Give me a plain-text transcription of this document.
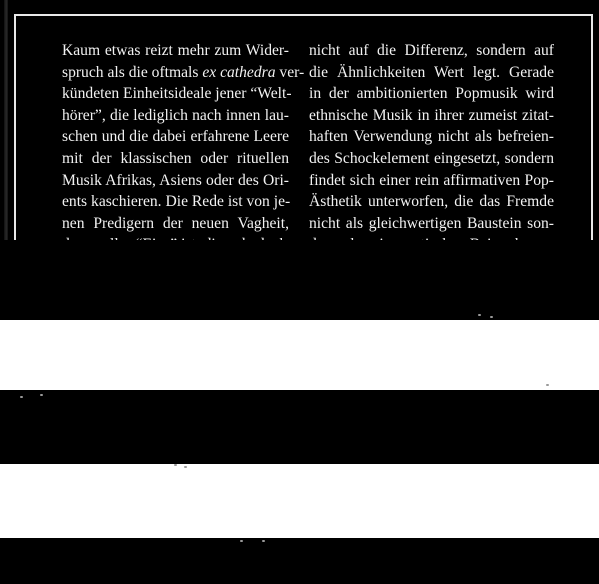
Kaum etwas reizt mehr zum Wider-
spruch als die oftmals ex cathedra ver-
kündeten Einheitsideale jener “Welt-
hörer”, die lediglich nach innen lau-
schen und die dabei erfahrene Leere
mit der klassischen oder rituellen
Musik Afrikas, Asiens oder des Ori-
ents kaschieren. Die Rede ist von je-
nen Predigern der neuen Vagheit,
nicht auf die Differenz, sondern auf
die Ähnlichkeiten Wert legt. Gerade
in der ambitionierten Popmusik wird
ethnische Musik in ihrer zumeist zitat-
haften Verwendung nicht als befreien-
des Schockelement eingesetzt, sondern
findet sich einer rein affirmativen Pop-
Ästhetik unterworfen, die das Fremde
nicht als gleichwertigen Baustein son-
